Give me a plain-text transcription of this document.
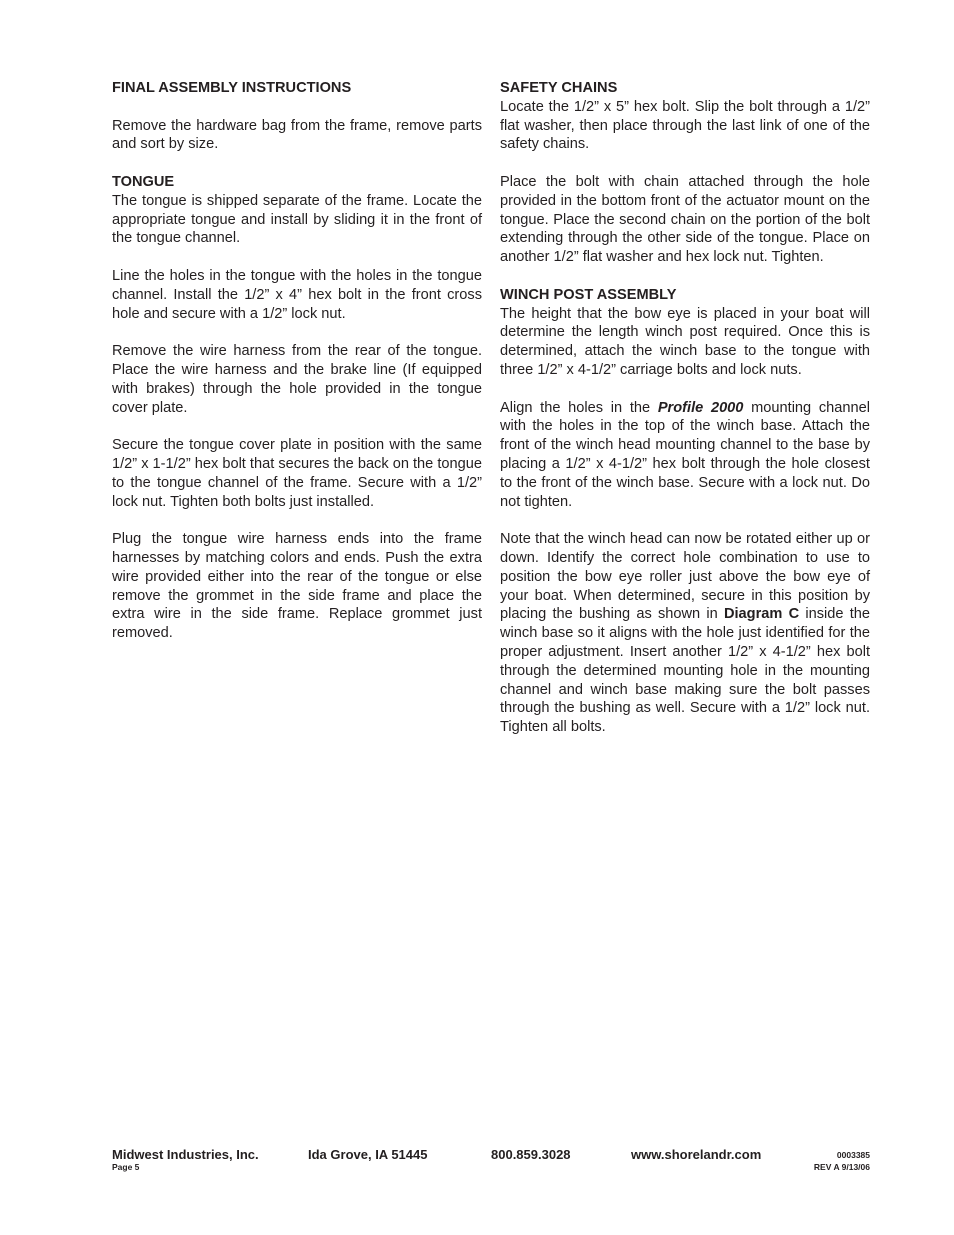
FINAL ASSEMBLY INSTRUCTIONS

Remove the hardware bag from the frame, remove parts and sort by size.

TONGUE

The tongue is shipped separate of the frame. Locate the appropriate tongue and install by sliding it in the front of the tongue channel.

Line the holes in the tongue with the holes in the tongue channel. Install the 1/2” x 4” hex bolt in the front cross hole and secure with a 1/2” lock nut.

Remove the wire harness from the rear of the tongue. Place the wire harness and the brake line (If equipped with brakes) through the hole provided in the tongue cover plate.

Secure the tongue cover plate in position with the same 1/2” x 1-1/2” hex bolt that secures the back on the tongue to the tongue channel of the frame. Secure with a 1/2” lock nut. Tighten both bolts just installed.

Plug the tongue wire harness ends into the frame harnesses by matching colors and ends. Push the extra wire provided either into the rear of the tongue or else remove the grommet in the side frame and place the extra wire in the side frame. Replace grommet just removed.

SAFETY CHAINS

Locate the 1/2” x 5” hex bolt. Slip the bolt through a 1/2” flat washer, then place through the last link of one of the safety chains.

Place the bolt with chain attached through the hole provided in the bottom front of the actuator mount on the tongue. Place the second chain on the portion of the bolt extending through the other side of the tongue. Place on another 1/2” flat washer and hex lock nut. Tighten.

WINCH POST ASSEMBLY

The height that the bow eye is placed in your boat will determine the length winch post required. Once this is determined, attach the winch base to the tongue with three 1/2” x 4-1/2” carriage bolts and lock nuts.

Align the holes in the Profile 2000 mounting channel with the holes in the top of the winch base. Attach the front of the winch head mounting channel to the base by placing a 1/2” x 4-1/2” hex bolt through the hole closest to the front of the winch base. Secure with a lock nut. Do not tighten.

Note that the winch head can now be rotated either up or down. Identify the correct hole combination to use to position the bow eye roller just above the bow eye of your boat. When determined, secure in this position by placing the bushing as shown in Diagram C inside the winch base so it aligns with the hole just identified for the proper adjustment. Insert another 1/2” x 4-1/2” hex bolt through the determined mounting hole in the mounting channel and winch base making sure the bolt passes through the bushing as well. Secure with a 1/2” lock nut. Tighten all bolts.

Midwest Industries, Inc.	Ida Grove, IA 51445	800.859.3028	www.shorelandr.com	0003385
Page 5	REV A 9/13/06
